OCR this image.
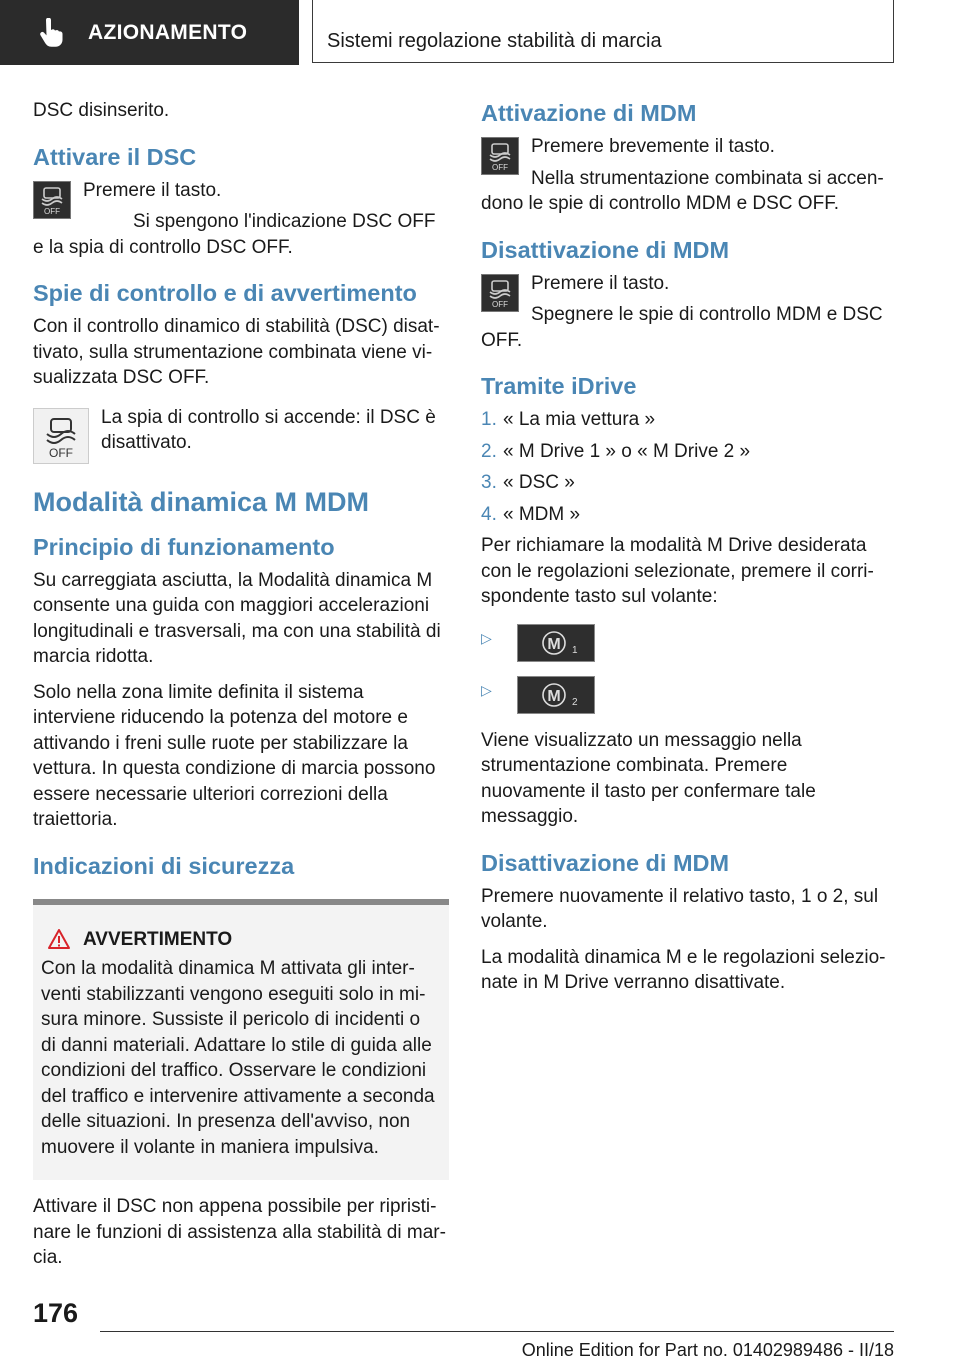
AZIONAMENTO	Sistemi regolazione stabilità di marcia

DSC disinserito.

Attivare il DSC
OFF

Premere il tasto.

Si spengono l'indicazione DSC OFF e la spia di controllo DSC OFF.

Spie di controllo e di avvertimento

Con il controllo dinamico di stabilità (DSC) disattivato, sulla strumentazione combinata viene visualizzata DSC OFF.

OFF

La spia di controllo si accende: il DSC è disattivato.

Modalità dinamica M MDM
Principio di funzionamento

Su carreggiata asciutta, la Modalità dinamica M consente una guida con maggiori accelerazioni longitudinali e trasversali, ma con una stabilità di marcia ridotta.

Solo nella zona limite definita il sistema interviene riducendo la potenza del motore e attivando i freni sulle ruote per stabilizzare la vettura. In questa condizione di marcia possono essere necessarie ulteriori correzioni della traiettoria.

Indicazioni di sicurezza
AVVERTIMENTO

Con la modalità dinamica M attivata gli interventi stabilizzanti vengono eseguiti solo in misura minore. Sussiste il pericolo di incidenti o di danni materiali. Adattare lo stile di guida alle condizioni del traffico. Osservare le condizioni del traffico e intervenire attivamente a seconda delle situazioni. In presenza dell'avviso, non muovere il volante in maniera impulsiva.

Attivare il DSC non appena possibile per ripristinare le funzioni di assistenza alla stabilità di marcia.

Attivazione di MDM
OFF

Premere brevemente il tasto.

Nella strumentazione combinata si accendono le spie di controllo MDM e DSC OFF.

Disattivazione di MDM
OFF

Premere il tasto.

Spegnere le spie di controllo MDM e DSC OFF.

Tramite iDrive
1. « La mia vettura »
2. « M Drive 1 » o « M Drive 2 »
3. « DSC »
4. « MDM »

Per richiamare la modalità M Drive desiderata con le regolazioni selezionate, premere il corrispondente tasto sul volante:

▷	M 1
▷	M 2

Viene visualizzato un messaggio nella strumentazione combinata. Premere nuovamente il tasto per confermare tale messaggio.

Disattivazione di MDM

Premere nuovamente il relativo tasto, 1 o 2, sul volante.

La modalità dinamica M e le regolazioni selezionate in M Drive verranno disattivate.

176
Online Edition for Part no. 01402989486 - II/18
